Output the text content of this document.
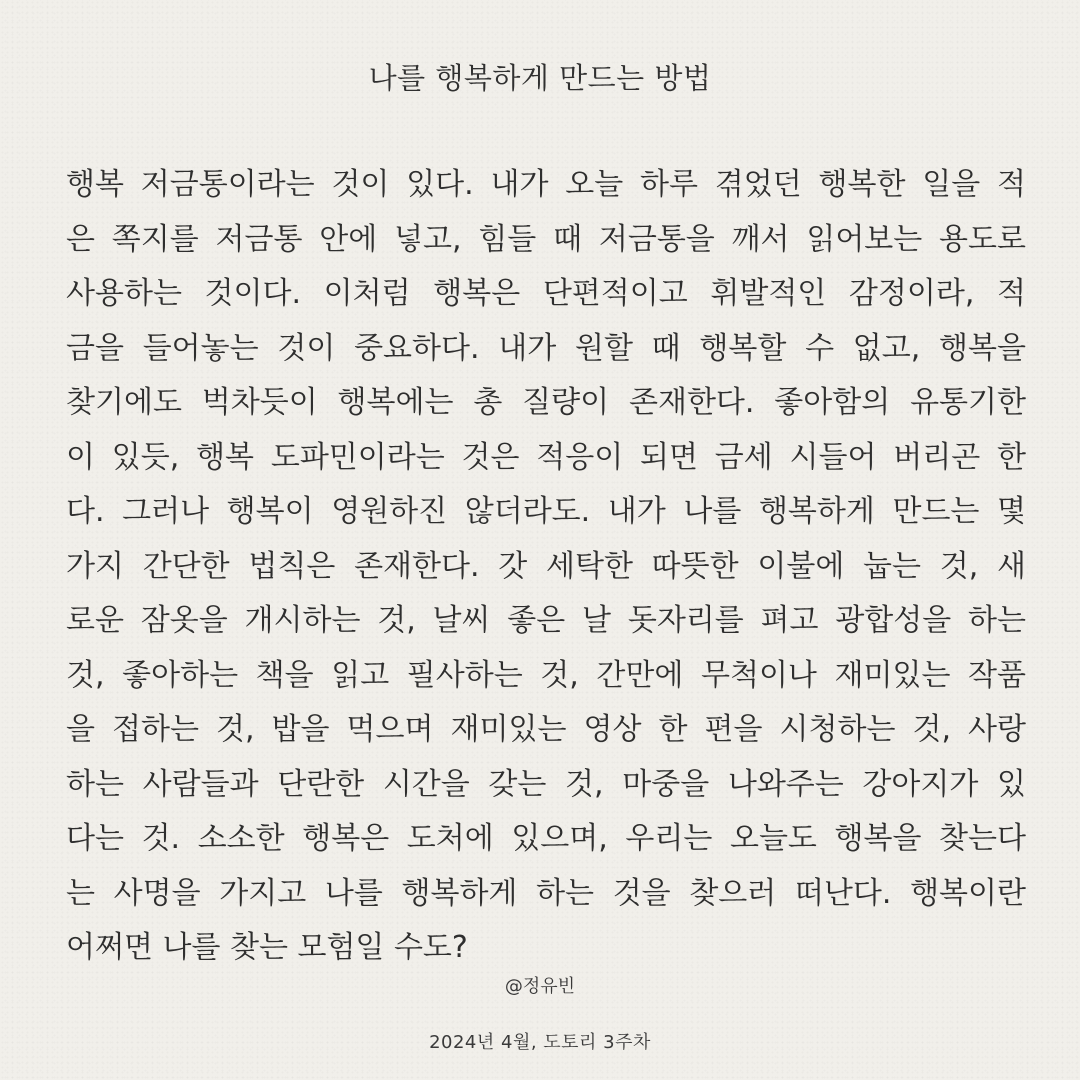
나를 행복하게 만드는 방법
행복 저금통이라는 것이 있다. 내가 오늘 하루 겪었던 행복한 일을 적
은 쪽지를 저금통 안에 넣고, 힘들 때 저금통을 깨서 읽어보는 용도로
사용하는 것이다. 이처럼 행복은 단편적이고 휘발적인 감정이라, 적
금을 들어놓는 것이 중요하다. 내가 원할 때 행복할 수 없고, 행복을
찾기에도 벅차듯이 행복에는 총 질량이 존재한다. 좋아함의 유통기한
이 있듯, 행복 도파민이라는 것은 적응이 되면 금세 시들어 버리곤 한
다. 그러나 행복이 영원하진 않더라도. 내가 나를 행복하게 만드는 몇
가지 간단한 법칙은 존재한다. 갓 세탁한 따뜻한 이불에 눕는 것, 새
로운 잠옷을 개시하는 것, 날씨 좋은 날 돗자리를 펴고 광합성을 하는
것, 좋아하는 책을 읽고 필사하는 것, 간만에 무척이나 재미있는 작품
을 접하는 것, 밥을 먹으며 재미있는 영상 한 편을 시청하는 것, 사랑
하는 사람들과 단란한 시간을 갖는 것, 마중을 나와주는 강아지가 있
다는 것. 소소한 행복은 도처에 있으며, 우리는 오늘도 행복을 찾는다
는 사명을 가지고 나를 행복하게 하는 것을 찾으러 떠난다. 행복이란
어쩌면 나를 찾는 모험일 수도?
@정유빈
2024년 4월, 도토리 3주차
